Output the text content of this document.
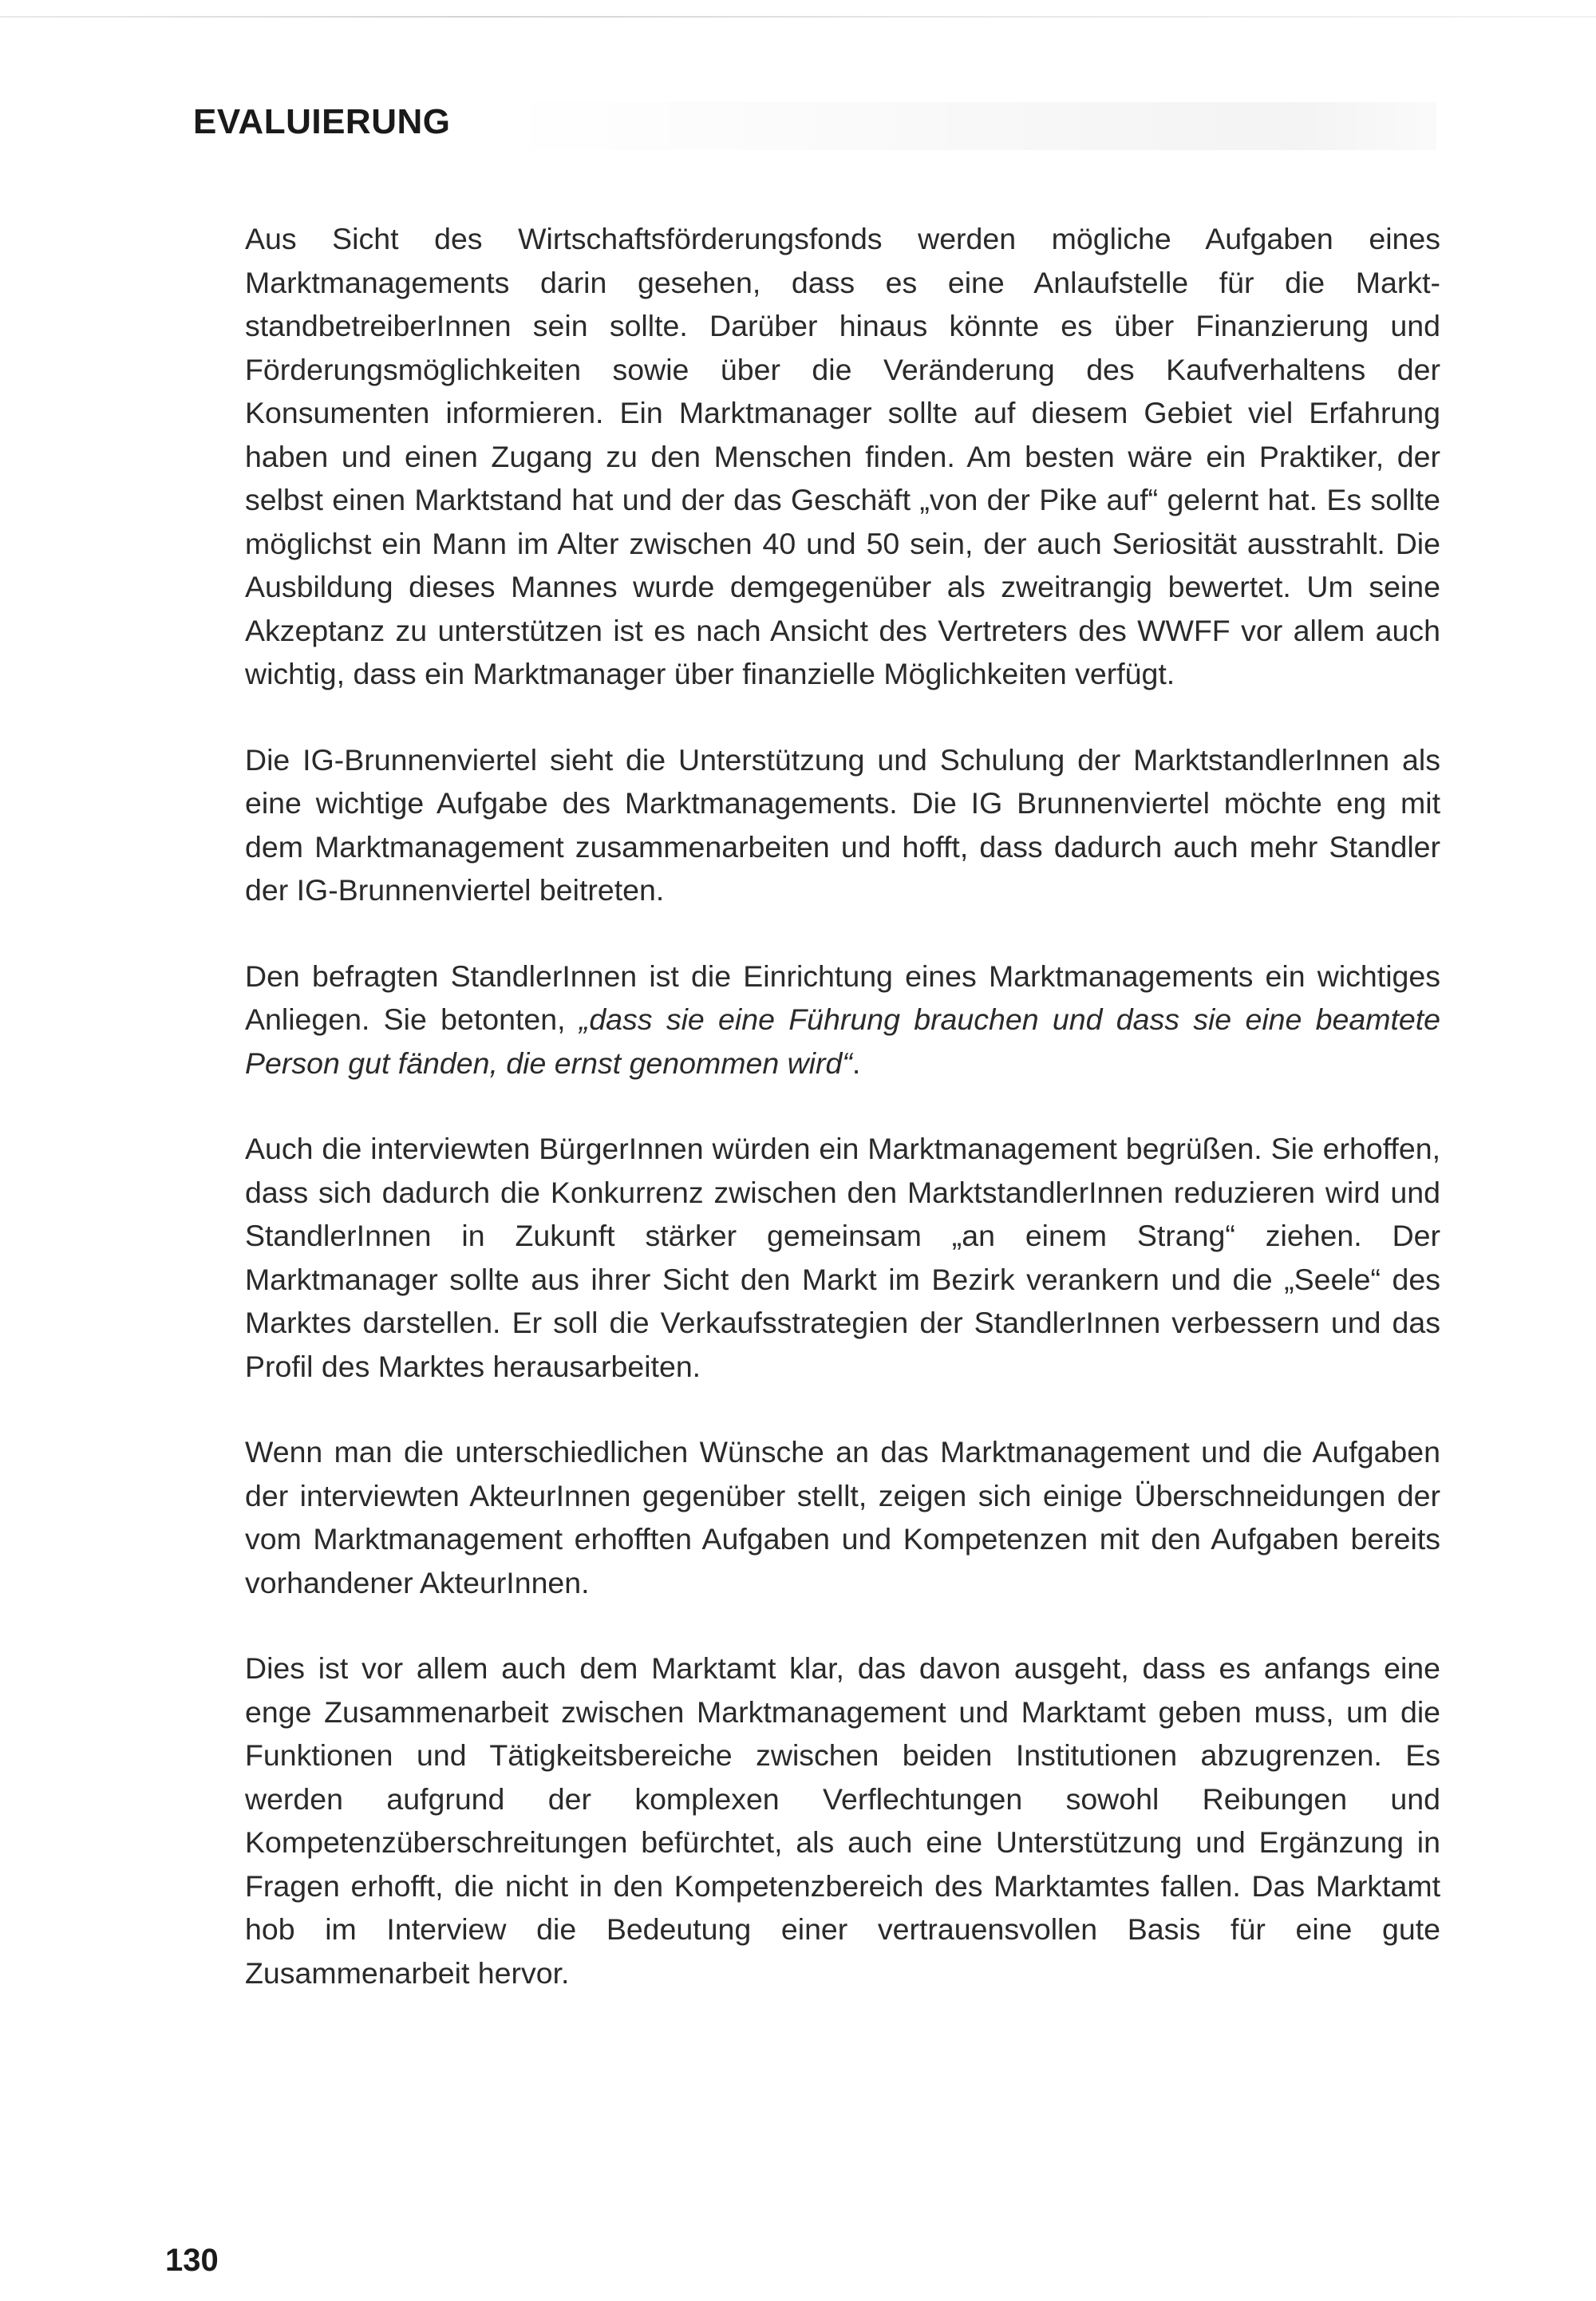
EVALUIERUNG

Aus Sicht des Wirtschaftsförderungsfonds werden mögliche Aufgaben eines Marktmanagements darin gesehen, dass es eine Anlaufstelle für die Markt-standbetreiberInnen sein sollte. Darüber hinaus könnte es über Finanzierung und Förderungsmöglichkeiten sowie über die Veränderung des Kaufverhaltens der Konsumenten informieren. Ein Marktmanager sollte auf diesem Gebiet viel Erfahrung haben und einen Zugang zu den Menschen finden. Am besten wäre ein Praktiker, der selbst einen Marktstand hat und der das Geschäft „von der Pike auf“ gelernt hat. Es sollte möglichst ein Mann im Alter zwischen 40 und 50 sein, der auch Seriosität ausstrahlt. Die Ausbildung dieses Mannes wurde demgegenüber als zweitrangig bewertet. Um seine Akzeptanz zu unterstützen ist es nach Ansicht des Vertreters des WWFF vor allem auch wichtig, dass ein Marktmanager über finanzielle Möglichkeiten verfügt.

Die IG-Brunnenviertel sieht die Unterstützung und Schulung der MarktstandlerInnen als eine wichtige Aufgabe des Marktmanagements. Die IG Brunnenviertel möchte eng mit dem Marktmanagement zusammenarbeiten und hofft, dass dadurch auch mehr Standler der IG-Brunnenviertel beitreten.

Den befragten StandlerInnen ist die Einrichtung eines Marktmanagements ein wichtiges Anliegen. Sie betonten, „dass sie eine Führung brauchen und dass sie eine beamtete Person gut fänden, die ernst genommen wird“.

Auch die interviewten BürgerInnen würden ein Marktmanagement begrüßen. Sie erhoffen, dass sich dadurch die Konkurrenz zwischen den MarktstandlerInnen reduzieren wird und StandlerInnen in Zukunft stärker gemeinsam „an einem Strang“ ziehen. Der Marktmanager sollte aus ihrer Sicht den Markt im Bezirk verankern und die „Seele“ des Marktes darstellen. Er soll die Verkaufsstrategien der StandlerInnen verbessern und das Profil des Marktes herausarbeiten.

Wenn man die unterschiedlichen Wünsche an das Marktmanagement und die Aufgaben der interviewten AkteurInnen gegenüber stellt, zeigen sich einige Überschneidungen der vom Marktmanagement erhofften Aufgaben und Kompetenzen mit den Aufgaben bereits vorhandener AkteurInnen.

Dies ist vor allem auch dem Marktamt klar, das davon ausgeht, dass es anfangs eine enge Zusammenarbeit zwischen Marktmanagement und Marktamt geben muss, um die Funktionen und Tätigkeitsbereiche zwischen beiden Institutionen abzugrenzen. Es werden aufgrund der komplexen Verflechtungen sowohl Reibungen und Kompetenzüberschreitungen befürchtet, als auch eine Unterstützung und Ergänzung in Fragen erhofft, die nicht in den Kompetenzbereich des Marktamtes fallen. Das Marktamt hob im Interview die Bedeutung einer vertrauensvollen Basis für eine gute Zusammenarbeit hervor.

130
